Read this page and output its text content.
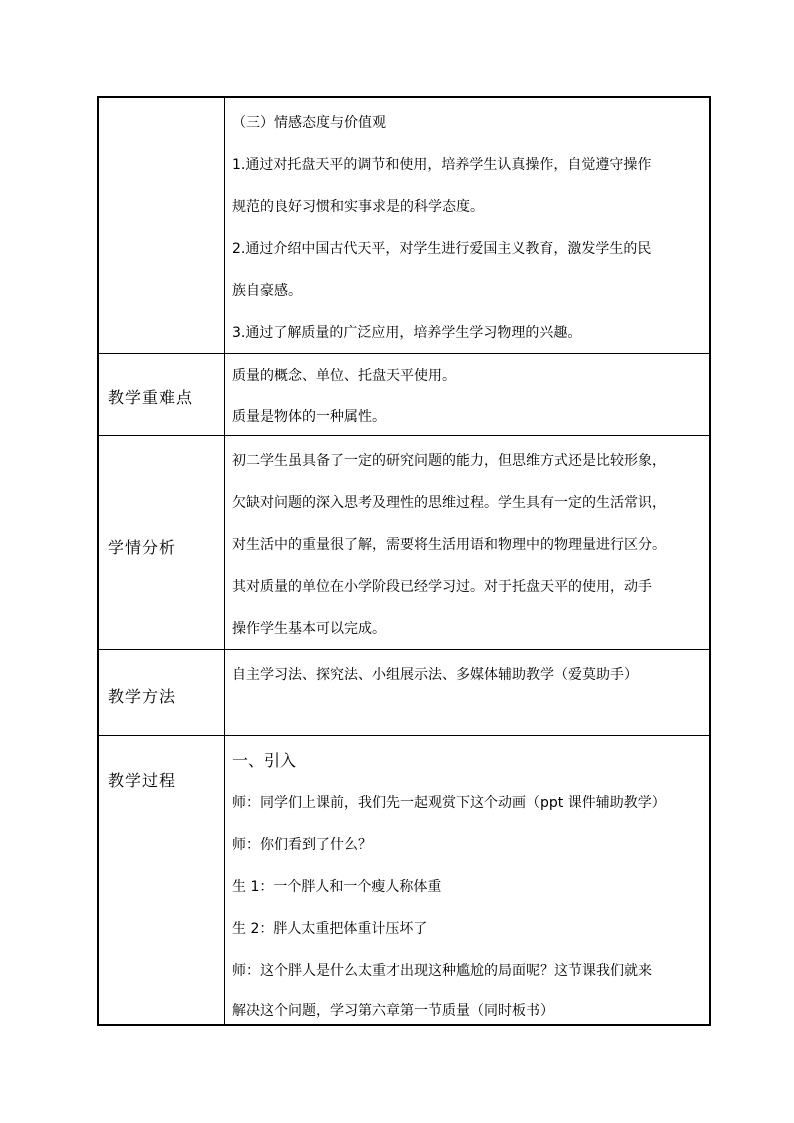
（三）情感态度与价值观
1.通过对托盘天平的调节和使用，培养学生认真操作，自觉遵守操作
规范的良好习惯和实事求是的科学态度。
2.通过介绍中国古代天平，对学生进行爱国主义教育，激发学生的民
族自豪感。
3.通过了解质量的广泛应用，培养学生学习物理的兴趣。
教学重难点
质量的概念、单位、托盘天平使用。
质量是物体的一种属性。
学情分析
初二学生虽具备了一定的研究问题的能力，但思维方式还是比较形象，
欠缺对问题的深入思考及理性的思维过程。学生具有一定的生活常识，
对生活中的重量很了解，需要将生活用语和物理中的物理量进行区分。
其对质量的单位在小学阶段已经学习过。对于托盘天平的使用，动手
操作学生基本可以完成。
教学方法
自主学习法、探究法、小组展示法、多媒体辅助教学（爱莫助手）
教学过程
一、引入
师：同学们上课前，我们先一起观赏下这个动画（ppt 课件辅助教学）
师：你们看到了什么？
生 1：一个胖人和一个瘦人称体重
生 2：胖人太重把体重计压坏了
师：这个胖人是什么太重才出现这种尴尬的局面呢？这节课我们就来
解决这个问题，学习第六章第一节质量（同时板书）
